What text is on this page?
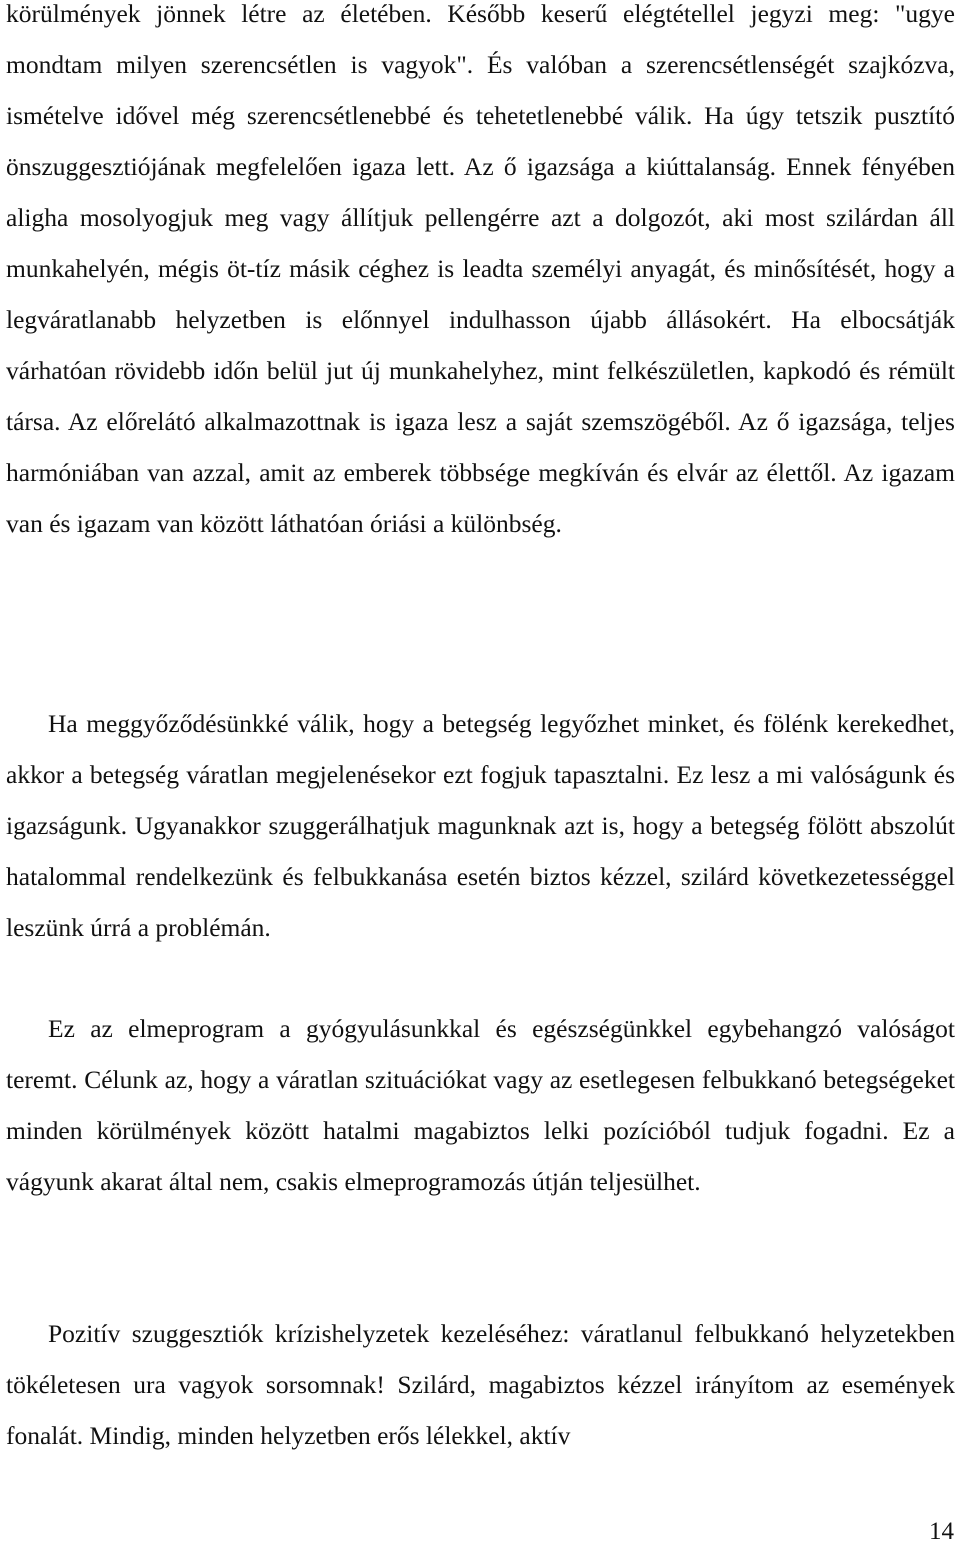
körülmények jönnek létre az életében. Később keserű elégtétellel jegyzi meg: "ugye mondtam milyen szerencsétlen is vagyok". És valóban a szerencsétlenségét szajkózva, ismételve idővel még szerencsétlenebbé és tehetetlenebbé válik. Ha úgy tetszik pusztító önszuggesztiójának megfelelően igaza lett. Az ő igazsága a kiúttalanság. Ennek fényében aligha mosolyogjuk meg vagy állítjuk pellengérre azt a dolgozót, aki most szilárdan áll munkahelyén, mégis öt-tíz másik céghez is leadta személyi anyagát, és minősítését, hogy a legváratlanabb helyzetben is előnnyel indulhasson újabb állásokért. Ha elbocsátják várhatóan rövidebb időn belül jut új munkahelyhez, mint felkészületlen, kapkodó és rémült társa. Az előrelátó alkalmazottnak is igaza lesz a saját szemszögéből. Az ő igazsága, teljes harmóniában van azzal, amit az emberek többsége megkíván és elvár az élettől. Az igazam van és igazam van között láthatóan óriási a különbség.

Ha meggyőződésünkké válik, hogy a betegség legyőzhet minket, és fölénk kerekedhet, akkor a betegség váratlan megjelenésekor ezt fogjuk tapasztalni. Ez lesz a mi valóságunk és igazságunk. Ugyanakkor szuggerálhatjuk magunknak azt is, hogy a betegség fölött abszolút hatalommal rendelkezünk és felbukkanása esetén biztos kézzel, szilárd következetességgel leszünk úrrá a problémán.

Ez az elmeprogram a gyógyulásunkkal és egészségünkkel egybehangzó valóságot teremt. Célunk az, hogy a váratlan szituációkat vagy az esetlegesen felbukkanó betegségeket minden körülmények között hatalmi magabiztos lelki pozícióból tudjuk fogadni. Ez a vágyunk akarat által nem, csakis elmeprogramozás útján teljesülhet.

Pozitív szuggesztiók krízishelyzetek kezeléséhez: váratlanul felbukkanó helyzetekben tökéletesen ura vagyok sorsomnak! Szilárd, magabiztos kézzel irányítom az események fonalát. Mindig, minden helyzetben erős lélekkel, aktív

14
